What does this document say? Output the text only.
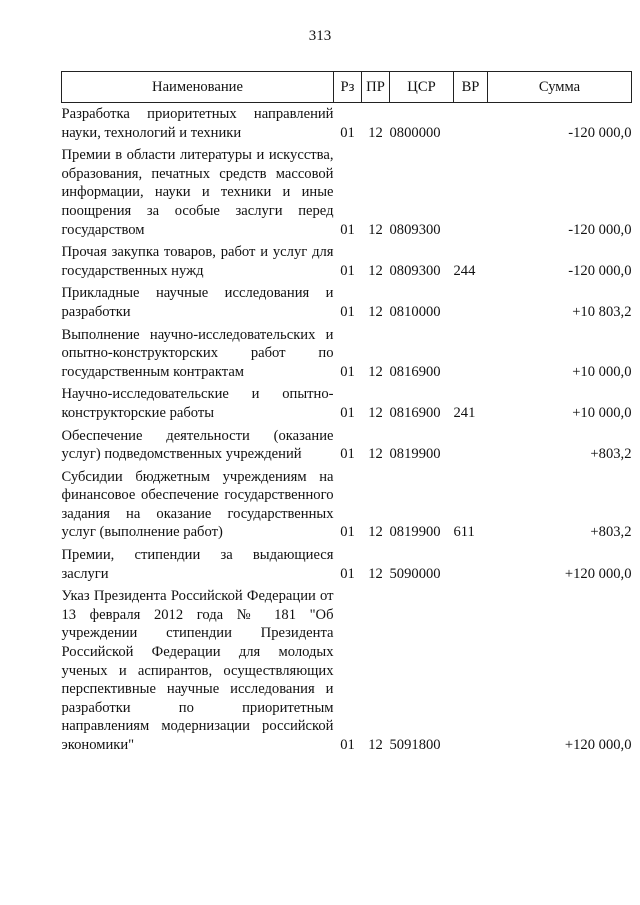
313
Наименование	Рз	ПР	ЦСР	ВР	Сумма
Разработка приоритетных направлений науки, технологий и техники	01	12	0800000		-120 000,0
Премии в области литературы и искусства, образования, печатных средств массовой информации, науки и техники и иные поощрения за особые заслуги перед государством	01	12	0809300		-120 000,0
Прочая закупка товаров, работ и услуг для государственных нужд	01	12	0809300	244	-120 000,0
Прикладные научные исследования и разработки	01	12	0810000		+10 803,2
Выполнение научно-исследовательских и опытно-конструкторских работ по государственным контрактам	01	12	0816900		+10 000,0
Научно-исследовательские и опытно-конструкторские работы	01	12	0816900	241	+10 000,0
Обеспечение деятельности (оказание услуг) подведомственных учреждений	01	12	0819900		+803,2
Субсидии бюджетным учреждениям на финансовое обеспечение государственного задания на оказание государственных услуг (выполнение работ)	01	12	0819900	611	+803,2
Премии, стипендии за выдающиеся заслуги	01	12	5090000		+120 000,0
Указ Президента Российской Федерации от 13 февраля 2012 года № 181 "Об учреждении стипендии Президента Российской Федерации для молодых ученых и аспирантов, осуществляющих перспективные научные исследования и разработки по приоритетным направлениям модернизации российской экономики"	01	12	5091800		+120 000,0
